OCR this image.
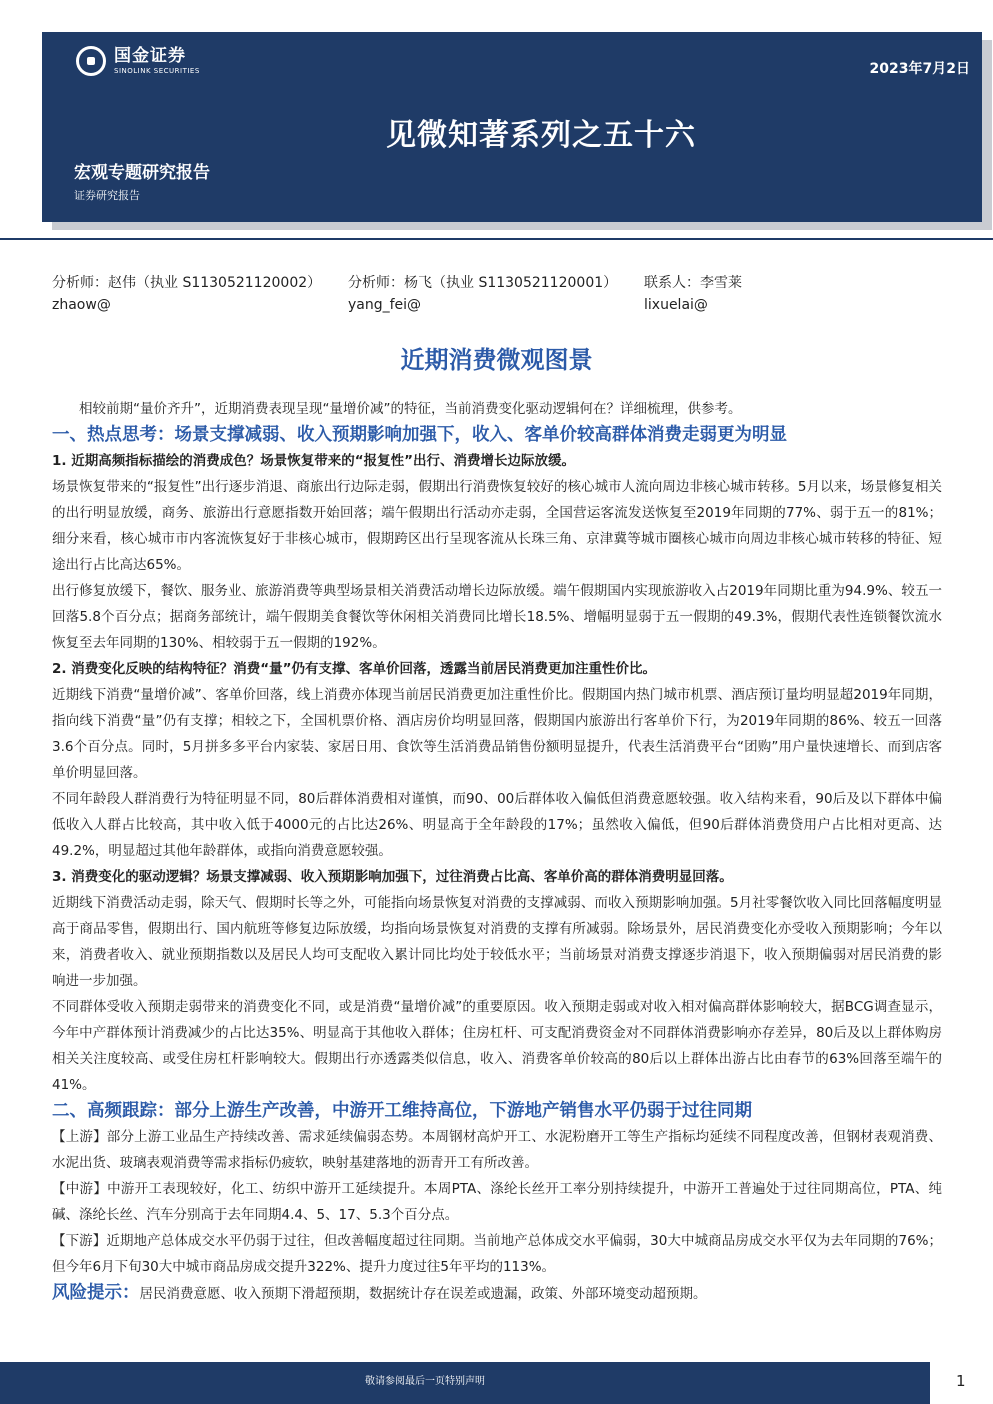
国金证券
SINOLINK SECURITIES	2023年7月2日
见微知著系列之五十六
宏观专题研究报告
证券研究报告
分析师：赵伟（执业 S1130521120002）
zhaow@
分析师：杨飞（执业 S1130521120001）
yang_fei@
联系人：李雪莱
lixuelai@
近期消费微观图景

相较前期“量价齐升”，近期消费表现呈现“量增价减”的特征，当前消费变化驱动逻辑何在？详细梳理，供参考。

一、热点思考：场景支撑减弱、收入预期影响加强下，收入、客单价较高群体消费走弱更为明显

1. 近期高频指标描绘的消费成色？场景恢复带来的“报复性”出行、消费增长边际放缓。

场景恢复带来的“报复性”出行逐步消退、商旅出行边际走弱，假期出行消费恢复较好的核心城市人流向周边非核心城市转移。5月以来，场景修复相关的出行明显放缓，商务、旅游出行意愿指数开始回落；端午假期出行活动亦走弱，全国营运客流发送恢复至2019年同期的77%、弱于五一的81%；细分来看，核心城市市内客流恢复好于非核心城市，假期跨区出行呈现客流从长珠三角、京津冀等城市圈核心城市向周边非核心城市转移的特征、短途出行占比高达65%。

出行修复放缓下，餐饮、服务业、旅游消费等典型场景相关消费活动增长边际放缓。端午假期国内实现旅游收入占2019年同期比重为94.9%、较五一回落5.8个百分点；据商务部统计，端午假期美食餐饮等休闲相关消费同比增长18.5%、增幅明显弱于五一假期的49.3%，假期代表性连锁餐饮流水恢复至去年同期的130%、相较弱于五一假期的192%。

2. 消费变化反映的结构特征？消费“量”仍有支撑、客单价回落，透露当前居民消费更加注重性价比。

近期线下消费“量增价减”、客单价回落，线上消费亦体现当前居民消费更加注重性价比。假期国内热门城市机票、酒店预订量均明显超2019年同期，指向线下消费“量”仍有支撑；相较之下，全国机票价格、酒店房价均明显回落，假期国内旅游出行客单价下行，为2019年同期的86%、较五一回落3.6个百分点。同时，5月拼多多平台内家装、家居日用、食饮等生活消费品销售份额明显提升，代表生活消费平台“团购”用户量快速增长、而到店客单价明显回落。

不同年龄段人群消费行为特征明显不同，80后群体消费相对谨慎，而90、00后群体收入偏低但消费意愿较强。收入结构来看，90后及以下群体中偏低收入人群占比较高，其中收入低于4000元的占比达26%、明显高于全年龄段的17%；虽然收入偏低，但90后群体消费贷用户占比相对更高、达49.2%，明显超过其他年龄群体，或指向消费意愿较强。

3. 消费变化的驱动逻辑？场景支撑减弱、收入预期影响加强下，过往消费占比高、客单价高的群体消费明显回落。

近期线下消费活动走弱，除天气、假期时长等之外，可能指向场景恢复对消费的支撑减弱、而收入预期影响加强。5月社零餐饮收入同比回落幅度明显高于商品零售，假期出行、国内航班等修复边际放缓，均指向场景恢复对消费的支撑有所减弱。除场景外，居民消费变化亦受收入预期影响；今年以来，消费者收入、就业预期指数以及居民人均可支配收入累计同比均处于较低水平；当前场景对消费支撑逐步消退下，收入预期偏弱对居民消费的影响进一步加强。

不同群体受收入预期走弱带来的消费变化不同，或是消费“量增价减”的重要原因。收入预期走弱或对收入相对偏高群体影响较大，据BCG调查显示，今年中产群体预计消费减少的占比达35%、明显高于其他收入群体；住房杠杆、可支配消费资金对不同群体消费影响亦存差异，80后及以上群体购房相关关注度较高、或受住房杠杆影响较大。假期出行亦透露类似信息，收入、消费客单价较高的80后以上群体出游占比由春节的63%回落至端午的41%。

二、高频跟踪：部分上游生产改善，中游开工维持高位，下游地产销售水平仍弱于过往同期

【上游】部分上游工业品生产持续改善、需求延续偏弱态势。本周钢材高炉开工、水泥粉磨开工等生产指标均延续不同程度改善，但钢材表观消费、水泥出货、玻璃表观消费等需求指标仍疲软，映射基建落地的沥青开工有所改善。

【中游】中游开工表现较好，化工、纺织中游开工延续提升。本周PTA、涤纶长丝开工率分别持续提升，中游开工普遍处于过往同期高位，PTA、纯碱、涤纶长丝、汽车分别高于去年同期4.4、5、17、5.3个百分点。

【下游】近期地产总体成交水平仍弱于过往，但改善幅度超过往同期。当前地产总体成交水平偏弱，30大中城商品房成交水平仅为去年同期的76%；但今年6月下旬30大中城市商品房成交提升322%、提升力度过往5年平均的113%。

风险提示：居民消费意愿、收入预期下滑超预期，数据统计存在误差或遗漏，政策、外部环境变动超预期。

敬请参阅最后一页特别声明	1
